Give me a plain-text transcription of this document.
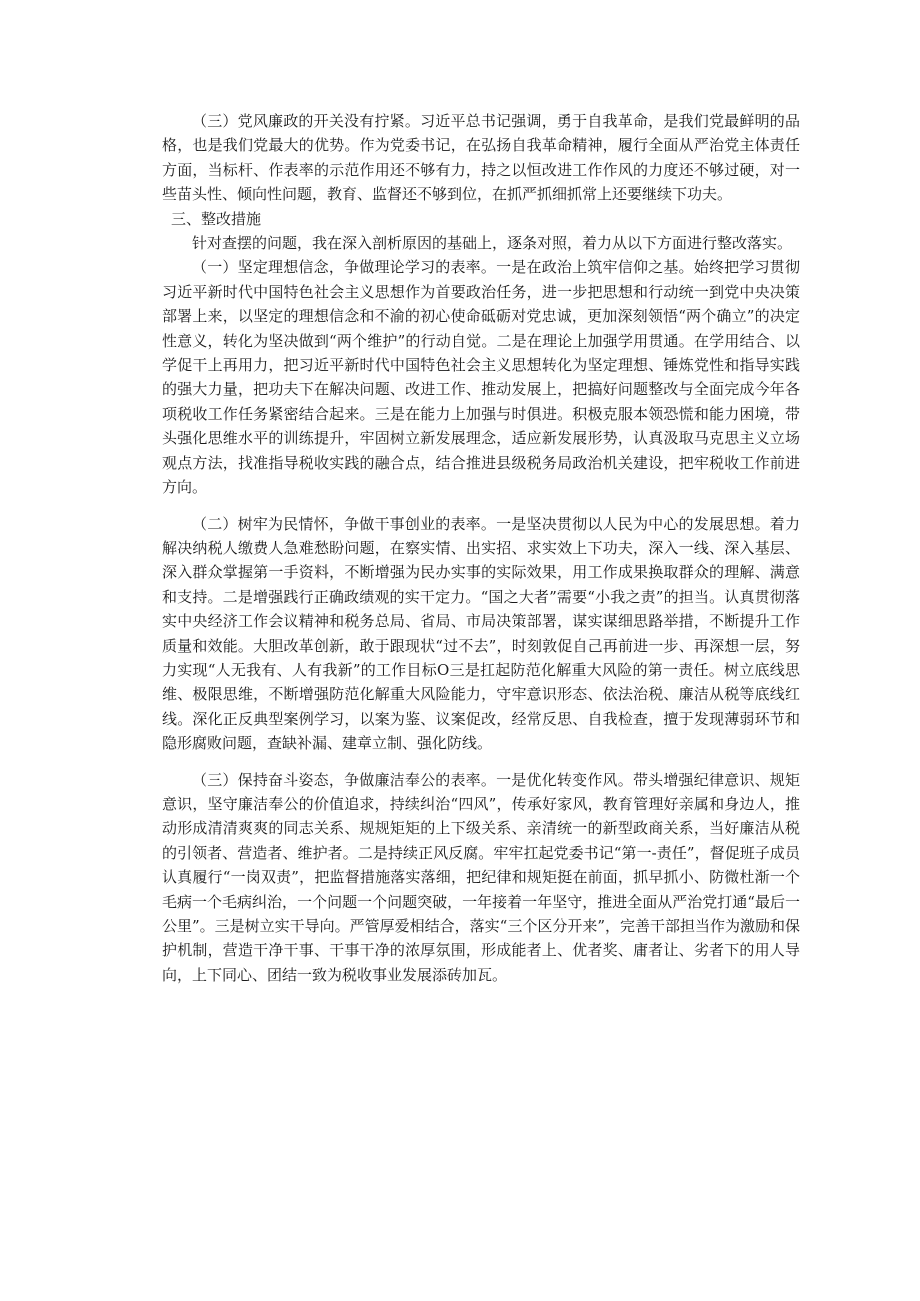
（三）党风廉政的开关没有拧紧。习近平总书记强调，勇于自我革命，是我们党最鲜明的品格，也是我们党最大的优势。作为党委书记，在弘扬自我革命精神，履行全面从严治党主体责任方面，当标杆、作表率的示范作用还不够有力，持之以恒改进工作作风的力度还不够过硬，对一些苗头性、倾向性问题，教育、监督还不够到位，在抓严抓细抓常上还要继续下功夫。

三、整改措施

针对查摆的问题，我在深入剖析原因的基础上，逐条对照，着力从以下方面进行整改落实。

（一）坚定理想信念，争做理论学习的表率。一是在政治上筑牢信仰之基。始终把学习贯彻习近平新时代中国特色社会主义思想作为首要政治任务，进一步把思想和行动统一到党中央决策部署上来，以坚定的理想信念和不渝的初心使命砥砺对党忠诚，更加深刻领悟“两个确立”的决定性意义，转化为坚决做到“两个维护”的行动自觉。二是在理论上加强学用贯通。在学用结合、以学促干上再用力，把习近平新时代中国特色社会主义思想转化为坚定理想、锤炼党性和指导实践的强大力量，把功夫下在解决问题、改进工作、推动发展上，把搞好问题整改与全面完成今年各项税收工作任务紧密结合起来。三是在能力上加强与时俱进。积极克服本领恐慌和能力困境，带头强化思维水平的训练提升，牢固树立新发展理念，适应新发展形势，认真汲取马克思主义立场观点方法，找准指导税收实践的融合点，结合推进县级税务局政治机关建设，把牢税收工作前进方向。

（二）树牢为民情怀，争做干事创业的表率。一是坚决贯彻以人民为中心的发展思想。着力解决纳税人缴费人急难愁盼问题，在察实情、出实招、求实效上下功夫，深入一线、深入基层、深入群众掌握第一手资料，不断增强为民办实事的实际效果，用工作成果换取群众的理解、满意和支持。二是增强践行正确政绩观的实干定力。“国之大者”需要“小我之责”的担当。认真贯彻落实中央经济工作会议精神和税务总局、省局、市局决策部署，谋实谋细思路举措，不断提升工作质量和效能。大胆改革创新，敢于跟现状“过不去”，时刻敦促自己再前进一步、再深想一层，努力实现“人无我有、人有我新”的工作目标O三是扛起防范化解重大风险的第一责任。树立底线思维、极限思维，不断增强防范化解重大风险能力，守牢意识形态、依法治税、廉洁从税等底线红线。深化正反典型案例学习，以案为鉴、议案促改，经常反思、自我检查，擅于发现薄弱环节和隐形腐败问题，查缺补漏、建章立制、强化防线。

（三）保持奋斗姿态，争做廉洁奉公的表率。一是优化转变作风。带头增强纪律意识、规矩意识，坚守廉洁奉公的价值追求，持续纠治“四风”，传承好家风，教育管理好亲属和身边人，推动形成清清爽爽的同志关系、规规矩矩的上下级关系、亲清统一的新型政商关系，当好廉洁从税的引领者、营造者、维护者。二是持续正风反腐。牢牢扛起党委书记“第一-责任”，督促班子成员认真履行“一岗双责”，把监督措施落实落细，把纪律和规矩挺在前面，抓早抓小、防微杜渐一个毛病一个毛病纠治，一个问题一个问题突破，一年接着一年坚守，推进全面从严治党打通“最后一公里”。三是树立实干导向。严管厚爱相结合，落实“三个区分开来”，完善干部担当作为激励和保护机制，营造干净干事、干事干净的浓厚氛围，形成能者上、优者奖、庸者让、劣者下的用人导向，上下同心、团结一致为税收事业发展添砖加瓦。
